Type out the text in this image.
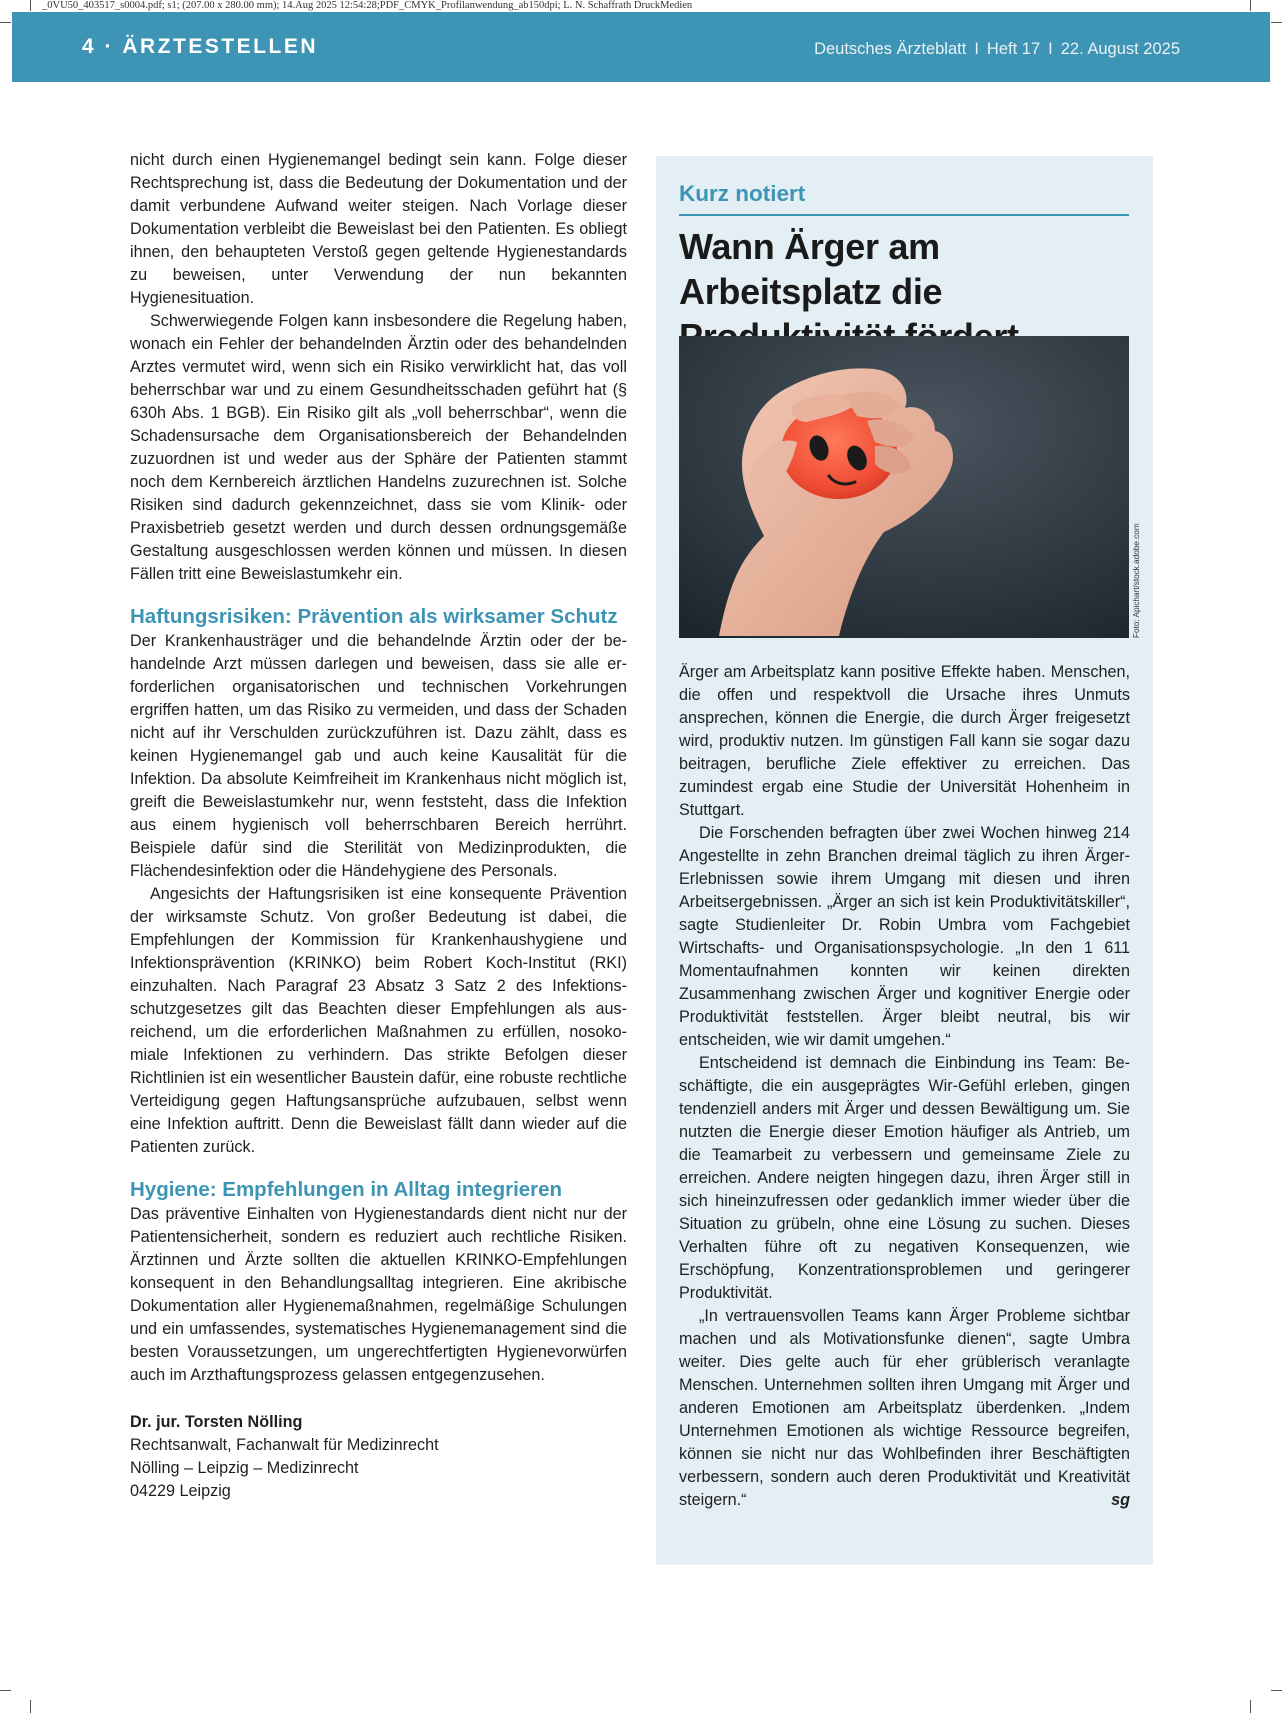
_0VU50_403517_s0004.pdf; s1; (207.00 x 280.00 mm); 14.Aug 2025 12:54:28;PDF_CMYK_Profilanwendung_ab150dpi; L. N. Schaffrath DruckMedien
4 · ÄRZTESTELLEN	Deutsches Ärzteblatt I Heft 17 I 22. August 2025

nicht durch einen Hygienemangel bedingt sein kann. Folge dieser Rechtsprechung ist, dass die Bedeutung der Dokumentation und der damit verbundene Aufwand weiter steigen. Nach Vorlage dieser Dokumentation verbleibt die Beweislast bei den Patienten. Es obliegt ihnen, den behaupteten Verstoß gegen geltende Hygienestandards zu beweisen, unter Verwendung der nun bekannten Hygienesituation.

Schwerwiegende Folgen kann insbesondere die Regelung haben, wonach ein Fehler der behandelnden Ärztin oder des behandelnden Arztes vermutet wird, wenn sich ein Risiko verwirklicht hat, das voll beherrschbar war und zu einem Gesundheitsschaden geführt hat (§ 630h Abs. 1 BGB). Ein Risiko gilt als „voll beherrschbar“, wenn die Schadensursache dem Organisationsbereich der Behandelnden zuzuordnen ist und weder aus der Sphäre der Patienten stammt noch dem Kernbereich ärztlichen Handelns zuzurechnen ist. Solche Risiken sind dadurch gekennzeichnet, dass sie vom Klinik- oder Praxisbetrieb gesetzt werden und durch dessen ordnungsgemäße Gestaltung ausgeschlossen werden können und müssen. In diesen Fällen tritt eine Beweislastumkehr ein.

Haftungsrisiken: Prävention als wirksamer Schutz

Der Krankenhausträger und die behandelnde Ärztin oder der behandelnde Arzt müssen darlegen und beweisen, dass sie alle erforderlichen organisatorischen und technischen Vorkehrungen ergriffen hatten, um das Risiko zu vermeiden, und dass der Schaden nicht auf ihr Verschulden zurückzuführen ist. Dazu zählt, dass es keinen Hygienemangel gab und auch keine Kausalität für die Infektion. Da absolute Keimfreiheit im Krankenhaus nicht möglich ist, greift die Beweislastumkehr nur, wenn feststeht, dass die Infektion aus einem hygienisch voll beherrschbaren Bereich herrührt. Beispiele dafür sind die Sterilität von Medizinprodukten, die Flächendesinfektion oder die Händehygiene des Personals.

Angesichts der Haftungsrisiken ist eine konsequente Prävention der wirksamste Schutz. Von großer Bedeutung ist dabei, die Empfehlungen der Kommission für Krankenhaushygiene und Infektionsprävention (KRINKO) beim Robert Koch-Institut (RKI) einzuhalten. Nach Paragraf 23 Absatz 3 Satz 2 des Infektionsschutzgesetzes gilt das Beachten dieser Empfehlungen als ausreichend, um die erforderlichen Maßnahmen zu erfüllen, nosokomiale Infektionen zu verhindern. Das strikte Befolgen dieser Richtlinien ist ein wesentlicher Baustein dafür, eine robuste rechtliche Verteidigung gegen Haftungsansprüche aufzubauen, selbst wenn eine Infektion auftritt. Denn die Beweislast fällt dann wieder auf die Patienten zurück.

Hygiene: Empfehlungen in Alltag integrieren

Das präventive Einhalten von Hygienestandards dient nicht nur der Patientensicherheit, sondern es reduziert auch rechtliche Risiken. Ärztinnen und Ärzte sollten die aktuellen KRINKO-Empfehlungen konsequent in den Behandlungsalltag integrieren. Eine akribische Dokumentation aller Hygienemaßnahmen, regelmäßige Schulungen und ein umfassendes, systematisches Hygienemanagement sind die besten Voraussetzungen, um ungerechtfertigten Hygienevorwürfen auch im Arzthaftungsprozess gelassen entgegenzusehen.

Dr. jur. Torsten Nölling
Rechtsanwalt, Fachanwalt für Medizinrecht
Nölling – Leipzig – Medizinrecht
04229 Leipzig
Kurz notiert
Wann Ärger am Arbeitsplatz die
Foto: Apichart/stock.adobe.com

Ärger am Arbeitsplatz kann positive Effekte haben. Menschen, die offen und respektvoll die Ursache ihres Unmuts ansprechen, können die Energie, die durch Ärger freigesetzt wird, produktiv nutzen. Im günstigen Fall kann sie sogar dazu beitragen, berufliche Ziele effektiver zu erreichen. Das zumindest ergab eine Studie der Universität Hohenheim in Stuttgart.

Die Forschenden befragten über zwei Wochen hinweg 214 Angestellte in zehn Branchen dreimal täglich zu ihren Ärger-Erlebnissen sowie ihrem Umgang mit diesen und ihren Arbeitsergebnissen. „Ärger an sich ist kein Produktivitätskiller“, sagte Studienleiter Dr. Robin Umbra vom Fachgebiet Wirtschafts- und Organisationspsychologie. „In den 1 611 Momentaufnahmen konnten wir keinen direkten Zusammenhang zwischen Ärger und kognitiver Energie oder Produktivität feststellen. Ärger bleibt neutral, bis wir entscheiden, wie wir damit umgehen.“

Entscheidend ist demnach die Einbindung ins Team: Beschäftigte, die ein ausgeprägtes Wir-Gefühl erleben, gingen tendenziell anders mit Ärger und dessen Bewältigung um. Sie nutzten die Energie dieser Emotion häufiger als Antrieb, um die Teamarbeit zu verbessern und gemeinsame Ziele zu erreichen. Andere neigten hingegen dazu, ihren Ärger still in sich hineinzufressen oder gedanklich immer wieder über die Situation zu grübeln, ohne eine Lösung zu suchen. Dieses Verhalten führe oft zu negativen Konsequenzen, wie Erschöpfung, Konzentrationsproblemen und geringerer Produktivität.

„In vertrauensvollen Teams kann Ärger Probleme sichtbar machen und als Motivationsfunke dienen“, sagte Umbra weiter. Dies gelte auch für eher grüblerisch veranlagte Menschen. Unternehmen sollten ihren Umgang mit Ärger und anderen Emotionen am Arbeitsplatz überdenken. „Indem Unternehmen Emotionen als wichtige Ressource begreifen, können sie nicht nur das Wohlbefinden ihrer Beschäftigten verbessern, sondern auch deren Produktivität und Kreativität steigern.“	sg
